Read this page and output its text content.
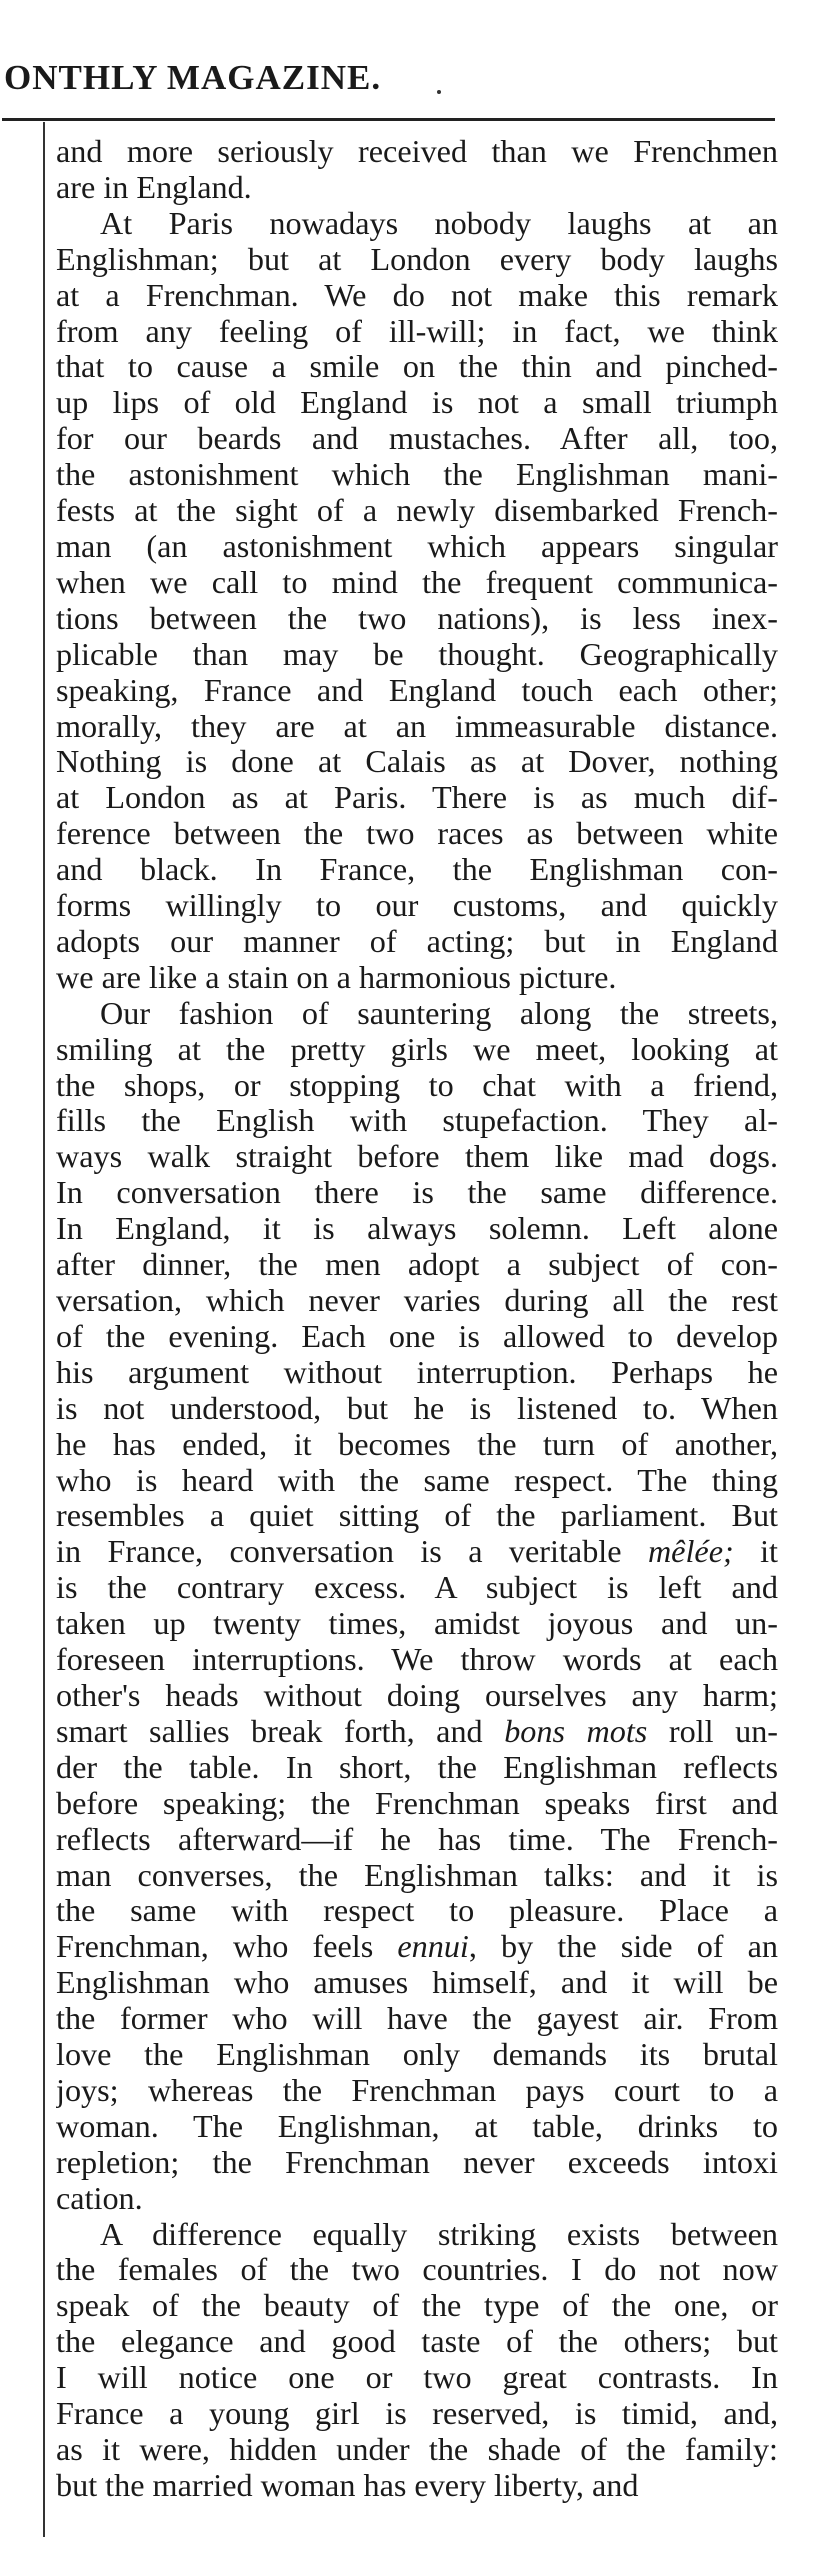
ONTHLY MAGAZINE.
and more seriously received than we Frenchmen
are in England.
At Paris nowadays nobody laughs at an
Englishman; but at London every body laughs
at a Frenchman. We do not make this remark
from any feeling of ill-will; in fact, we think
that to cause a smile on the thin and pinched-
up lips of old England is not a small triumph
for our beards and mustaches. After all, too,
the astonishment which the Englishman mani-
fests at the sight of a newly disembarked French-
man (an astonishment which appears singular
when we call to mind the frequent communica-
tions between the two nations), is less inex-
plicable than may be thought. Geographically
speaking, France and England touch each other;
morally, they are at an immeasurable distance.
Nothing is done at Calais as at Dover, nothing
at London as at Paris. There is as much dif-
ference between the two races as between white
and black. In France, the Englishman con-
forms willingly to our customs, and quickly
adopts our manner of acting; but in England
we are like a stain on a harmonious picture.
Our fashion of sauntering along the streets,
smiling at the pretty girls we meet, looking at
the shops, or stopping to chat with a friend,
fills the English with stupefaction. They al-
ways walk straight before them like mad dogs.
In conversation there is the same difference.
In England, it is always solemn. Left alone
after dinner, the men adopt a subject of con-
versation, which never varies during all the rest
of the evening. Each one is allowed to develop
his argument without interruption. Perhaps he
is not understood, but he is listened to. When
he has ended, it becomes the turn of another,
who is heard with the same respect. The thing
resembles a quiet sitting of the parliament. But
in France, conversation is a veritable mêlée; it
is the contrary excess. A subject is left and
taken up twenty times, amidst joyous and un-
foreseen interruptions. We throw words at each
other's heads without doing ourselves any harm;
smart sallies break forth, and bons mots roll un-
der the table. In short, the Englishman reflects
before speaking; the Frenchman speaks first and
reflects afterward—if he has time. The French-
man converses, the Englishman talks: and it is
the same with respect to pleasure. Place a
Frenchman, who feels ennui, by the side of an
Englishman who amuses himself, and it will be
the former who will have the gayest air. From
love the Englishman only demands its brutal
joys; whereas the Frenchman pays court to a
woman. The Englishman, at table, drinks to
repletion; the Frenchman never exceeds intoxi
cation.
A difference equally striking exists between
the females of the two countries. I do not now
speak of the beauty of the type of the one, or
the elegance and good taste of the others; but
I will notice one or two great contrasts. In
France a young girl is reserved, is timid, and,
as it were, hidden under the shade of the family:
but the married woman has every liberty, and
